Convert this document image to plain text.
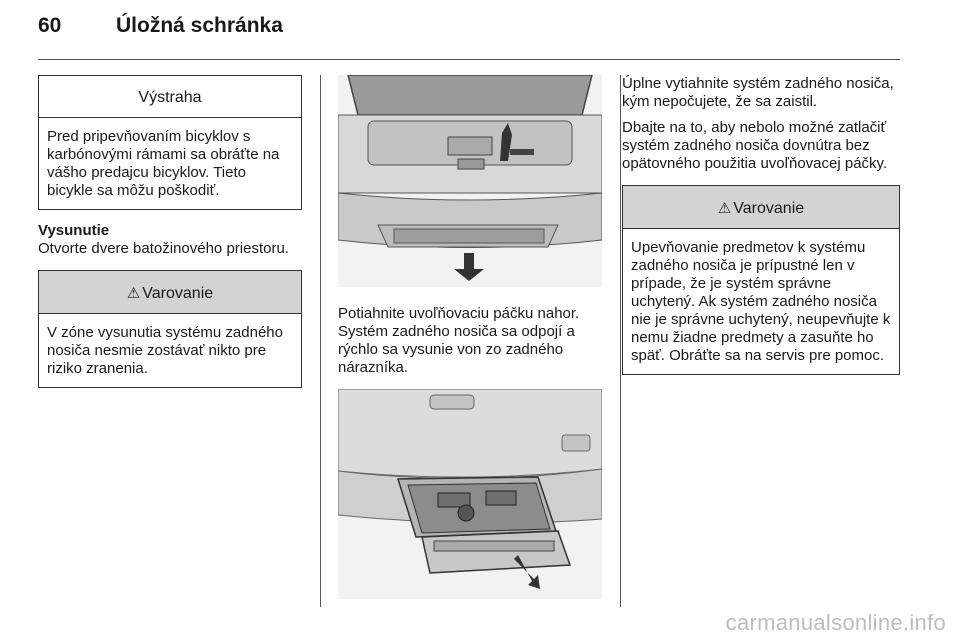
60	Úložná schránka
Výstraha
Pred pripevňovaním bicyklov s karbónovými rámami sa obráťte na vášho predajcu bicyklov. Tieto bicykle sa môžu poškodiť.

Vysunutie

Otvorte dvere batožinového priestoru.

⚠ Varovanie
V zóne vysunutia systému zadného nosiča nesmie zostávať nikto pre riziko zranenia.

Potiahnite uvoľňovaciu páčku nahor. Systém zadného nosiča sa odpojí a rýchlo sa vysunie von zo zadného nárazníka.

Úplne vytiahnite systém zadného nosiča, kým nepočujete, že sa zaistil.

Dbajte na to, aby nebolo možné zatlačiť systém zadného nosiča dovnútra bez opätovného použitia uvoľňovacej páčky.

⚠ Varovanie
Upevňovanie predmetov k systému zadného nosiča je prípustné len v prípade, že je systém správne uchytený. Ak systém zadného nosiča nie je správne uchytený, neupevňujte k nemu žiadne predmety a zasuňte ho späť. Obráťte sa na servis pre pomoc.
carmanualsonline.info
